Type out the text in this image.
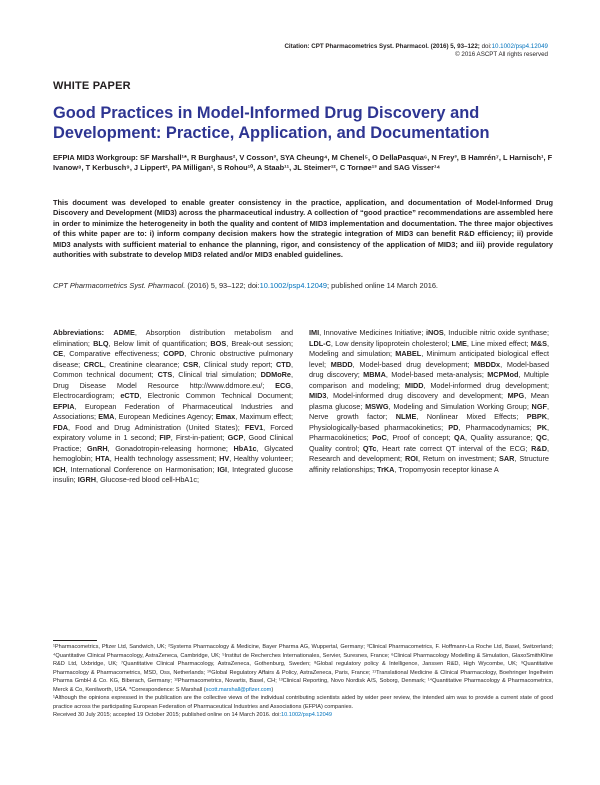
Citation: CPT Pharmacometrics Syst. Pharmacol. (2016) 5, 93–122; doi:10.1002/psp4.12049
© 2016 ASCPT All rights reserved
WHITE PAPER
Good Practices in Model-Informed Drug Discovery and Development: Practice, Application, and Documentation

EFPIA MID3 Workgroup: SF Marshall¹*, R Burghaus², V Cosson³, SYA Cheung⁴, M Chenel⁵, O DellaPasqua⁶, N Frey³, B Hamrén⁷, L Harnisch¹, F Ivanow⁸, T Kerbusch⁹, J Lippert², PA Milligan¹, S Rohou¹⁰, A Staab¹¹, JL Steimer¹², C Tornøe¹³ and SAG Visser¹⁴

This document was developed to enable greater consistency in the practice, application, and documentation of Model-Informed Drug Discovery and Development (MID3) across the pharmaceutical industry. A collection of “good practice” recommendations are assembled here in order to minimize the heterogeneity in both the quality and content of MID3 implementation and documentation. The three major objectives of this white paper are to: i) inform company decision makers how the strategic integration of MID3 can benefit R&D efficiency; ii) provide MID3 analysts with sufficient material to enhance the planning, rigor, and consistency of the application of MID3; and iii) provide regulatory authorities with substrate to develop MID3 related and/or MID3 enabled guidelines.

CPT Pharmacometrics Syst. Pharmacol. (2016) 5, 93–122; doi:10.1002/psp4.12049; published online 14 March 2016.

Abbreviations: ADME, Absorption distribution metabolism and elimination; BLQ, Below limit of quantification; BOS, Break-out session; CE, Comparative effectiveness; COPD, Chronic obstructive pulmonary disease; CRCL, Creatinine clearance; CSR, Clinical study report; CTD, Common technical document; CTS, Clinical trial simulation; DDMoRe, Drug Disease Model Resource http://www.ddmore.eu/; ECG, Electrocardiogram; eCTD, Electronic Common Technical Document; EFPIA, European Federation of Pharmaceutical Industries and Associations; EMA, European Medicines Agency; Emax, Maximum effect; FDA, Food and Drug Administration (United States); FEV1, Forced expiratory volume in 1 second; FIP, First-in-patient; GCP, Good Clinical Practice; GnRH, Gonadotropin-releasing hormone; HbA1c, Glycated hemoglobin; HTA, Health technology assessment; HV, Healthy volunteer; ICH, International Conference on Harmonisation; IGI, Integrated glucose insulin; IGRH, Glucose-red blood cell-HbA1c;

IMI, Innovative Medicines Initiative; iNOS, Inducible nitric oxide synthase; LDL-C, Low density lipoprotein cholesterol; LME, Line mixed effect; M&S, Modeling and simulation; MABEL, Minimum anticipated biological effect level; MBDD, Model-based drug development; MBDDx, Model-based drug discovery; MBMA, Model-based meta-analysis; MCPMod, Multiple comparison and modeling; MIDD, Model-informed drug development; MID3, Model-informed drug discovery and development; MPG, Mean plasma glucose; MSWG, Modeling and Simulation Working Group; NGF, Nerve growth factor; NLME, Nonlinear Mixed Effects; PBPK, Physiologically-based pharmacokinetics; PD, Pharmacodynamics; PK, Pharmacokinetics; PoC, Proof of concept; QA, Quality assurance; QC, Quality control; QTc, Heart rate correct QT interval of the ECG; R&D, Research and development; ROI, Return on investment; SAR, Structure affinity relationships; TrKA, Tropomyosin receptor kinase A

¹Pharmacometrics, Pfizer Ltd, Sandwich, UK; ²Systems Pharmacology & Medicine, Bayer Pharma AG, Wuppertal, Germany; ³Clinical Pharmacometrics, F. Hoffmann-La Roche Ltd, Basel, Switzerland; ⁴Quantitative Clinical Pharmacology, AstraZeneca, Cambridge, UK; ⁵Institut de Recherches Internationales, Servier, Suresnes, France; ⁶Clinical Pharmacology Modelling & Simulation, GlaxoSmithKline R&D Ltd, Uxbridge, UK; ⁷Quantitative Clinical Pharmacology, AstraZeneca, Gothenburg, Sweden; ⁸Global regulatory policy & Intelligence, Janssen R&D, High Wycombe, UK; ⁹Quantitative Pharmacology & Pharmacometrics, MSD, Oss, Netherlands; ¹⁰Global Regulatory Affairs & Policy, AstraZeneca, Paris, France; ¹¹Translational Medicine & Clinical Pharmacology, Boehringer Ingelheim Pharma GmbH & Co. KG, Biberach, Germany; ¹²Pharmacometrics, Novartis, Basel, CH; ¹³Clinical Reporting, Novo Nordisk A/S, Soborg, Denmark; ¹⁴Quantitative Pharmacology & Pharmacometrics, Merck & Co, Kenilworth, USA. *Correspondence: S Marshall (scott.marshall@pfizer.com)
¹Although the opinions expressed in the publication are the collective views of the individual contributing scientists aided by wider peer review, the intended aim was to provide a current state of good practice across the participating European Federation of Pharmaceutical Industries and Associations (EFPIA) companies.
Received 30 July 2015; accepted 19 October 2015; published online on 14 March 2016. doi:10.1002/psp4.12049
